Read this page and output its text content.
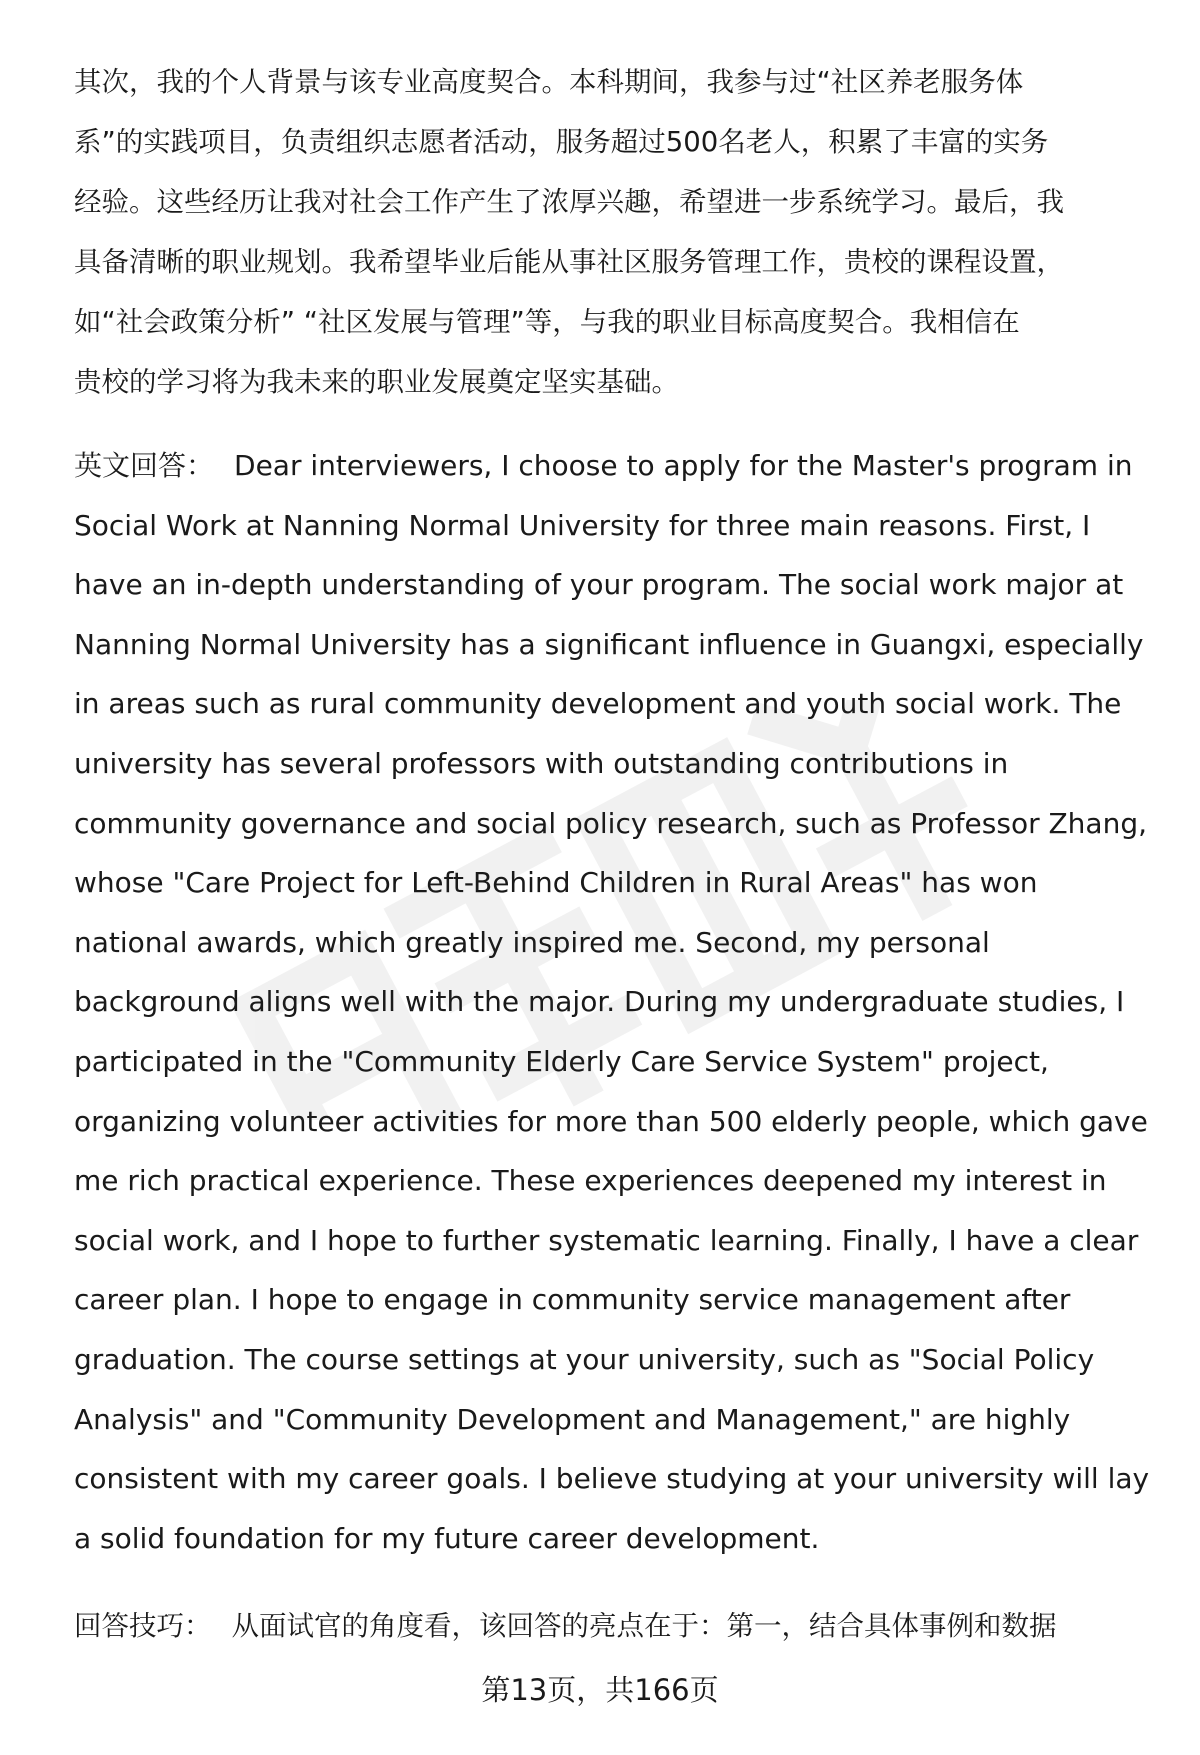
其次，我的个人背景与该专业高度契合。本科期间，我参与过“社区养老服务体
系”的实践项目，负责组织志愿者活动，服务超过500名老人，积累了丰富的实务
经验。这些经历让我对社会工作产生了浓厚兴趣，希望进一步系统学习。最后，我
具备清晰的职业规划。我希望毕业后能从事社区服务管理工作，贵校的课程设置，
如“社会政策分析” “社区发展与管理”等，与我的职业目标高度契合。我相信在
贵校的学习将为我未来的职业发展奠定坚实基础。
英文回答： Dear interviewers, I choose to apply for the Master's program in
Social Work at Nanning Normal University for three main reasons. First, I
have an in-depth understanding of your program. The social work major at
Nanning Normal University has a significant influence in Guangxi, especially
in areas such as rural community development and youth social work. The
university has several professors with outstanding contributions in
community governance and social policy research, such as Professor Zhang,
whose "Care Project for Left-Behind Children in Rural Areas" has won
national awards, which greatly inspired me. Second, my personal
background aligns well with the major. During my undergraduate studies, I
participated in the "Community Elderly Care Service System" project,
organizing volunteer activities for more than 500 elderly people, which gave
me rich practical experience. These experiences deepened my interest in
social work, and I hope to further systematic learning. Finally, I have a clear
career plan. I hope to engage in community service management after
graduation. The course settings at your university, such as "Social Policy
Analysis" and "Community Development and Management," are highly
consistent with my career goals. I believe studying at your university will lay
a solid foundation for my future career development.
回答技巧： 从面试官的角度看，该回答的亮点在于：第一，结合具体事例和数据
第13页，共166页
